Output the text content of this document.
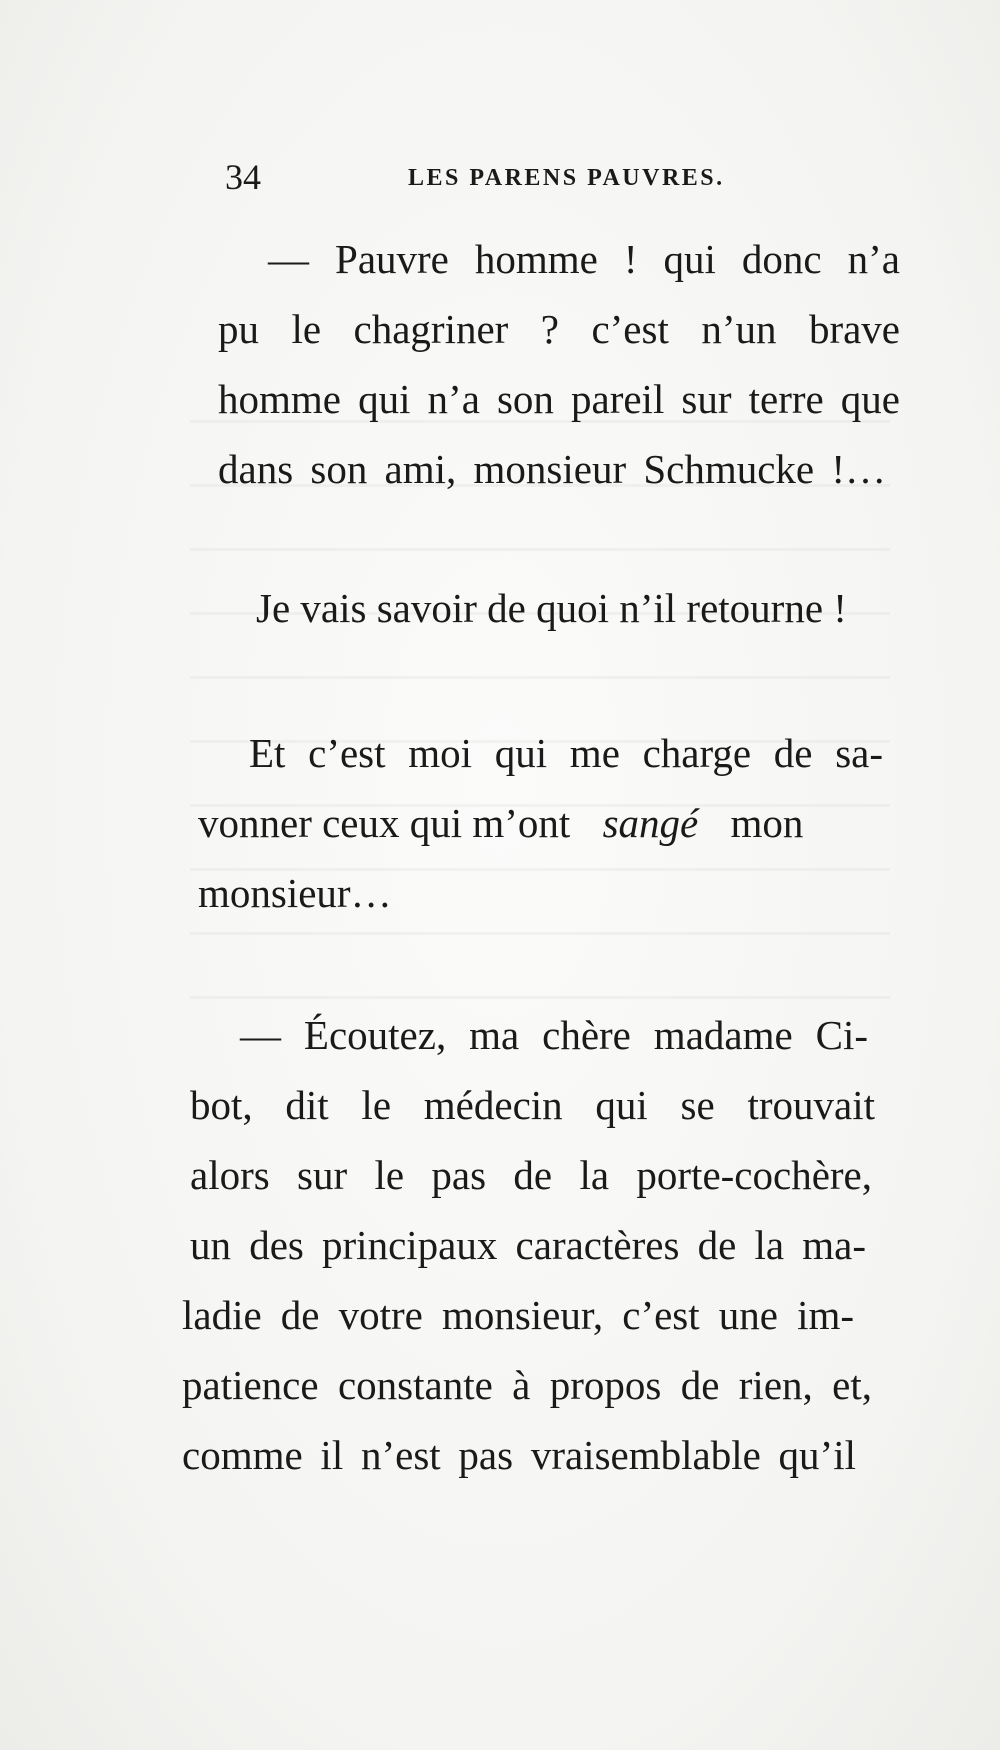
34	LES PARENS PAUVRES.
— Pauvre homme ! qui donc n’a
pu le chagriner ? c’est n’un brave
homme qui n’a son pareil sur terre que
dans son ami, monsieur Schmucke !…
Je vais savoir de quoi n’il retourne !
Et c’est moi qui me charge de sa-
vonner ceux qui m’ont sangé mon
monsieur…
— Écoutez, ma chère madame Ci-
bot, dit le médecin qui se trouvait
alors sur le pas de la porte-cochère,
un des principaux caractères de la ma-
ladie de votre monsieur, c’est une im-
patience constante à propos de rien, et,
comme il n’est pas vraisemblable qu’il
